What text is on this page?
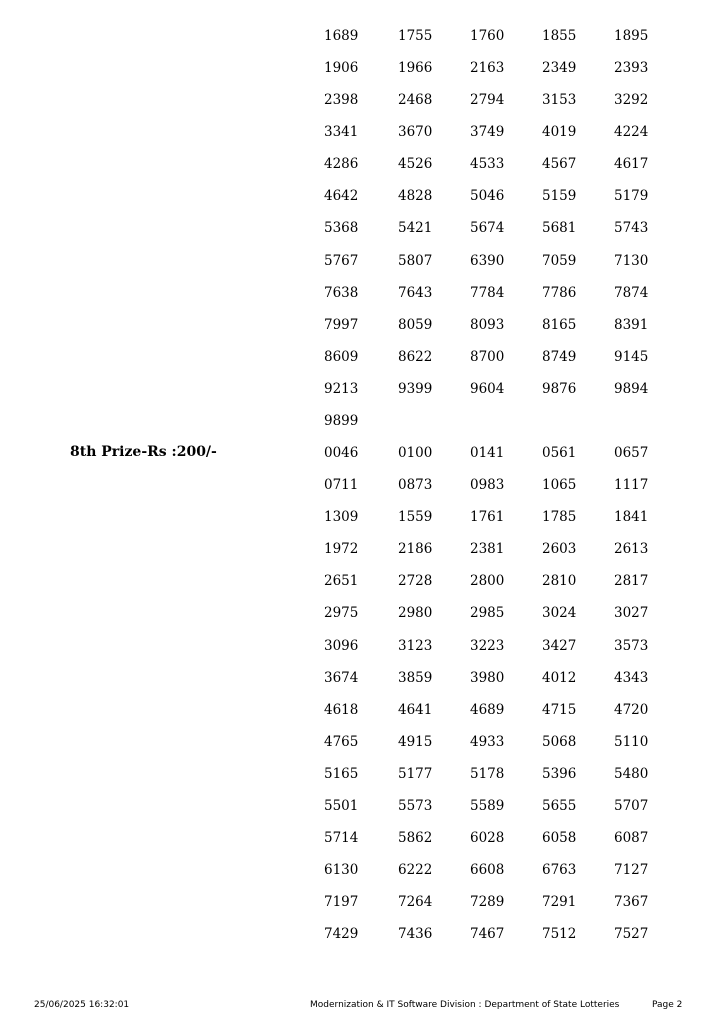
1689	1755	1760	1855	1895
1906	1966	2163	2349	2393
2398	2468	2794	3153	3292
3341	3670	3749	4019	4224
4286	4526	4533	4567	4617
4642	4828	5046	5159	5179
5368	5421	5674	5681	5743
5767	5807	6390	7059	7130
7638	7643	7784	7786	7874
7997	8059	8093	8165	8391
8609	8622	8700	8749	9145
9213	9399	9604	9876	9894
9899
8th Prize-Rs :200/-	0046	0100	0141	0561	0657
0711	0873	0983	1065	1117
1309	1559	1761	1785	1841
1972	2186	2381	2603	2613
2651	2728	2800	2810	2817
2975	2980	2985	3024	3027
3096	3123	3223	3427	3573
3674	3859	3980	4012	4343
4618	4641	4689	4715	4720
4765	4915	4933	5068	5110
5165	5177	5178	5396	5480
5501	5573	5589	5655	5707
5714	5862	6028	6058	6087
6130	6222	6608	6763	7127
7197	7264	7289	7291	7367
7429	7436	7467	7512	7527
25/06/2025 16:32:01	Modernization & IT Software Division : Department of State Lotteries	Page 2
